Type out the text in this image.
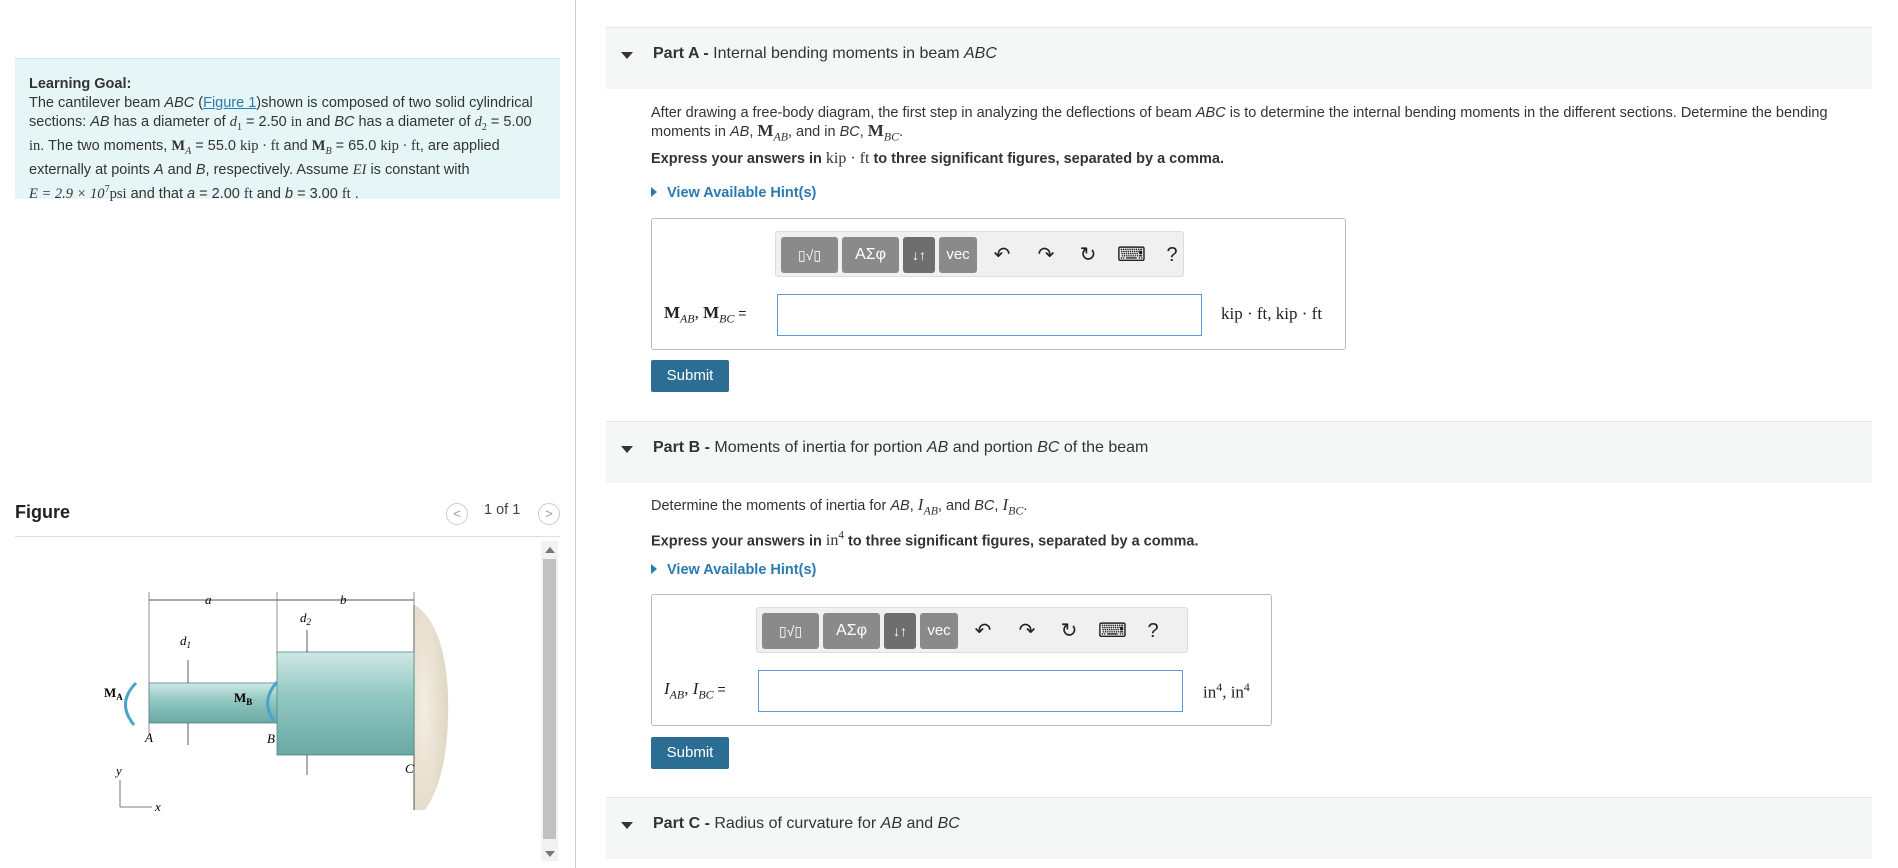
Learning Goal:
The cantilever beam ABC (Figure 1)shown is composed of two solid cylindrical sections: AB has a diameter of $d_1 = 2.50$ in and BC has a diameter of $d_2 = 5.00$ in. The two moments, $M_A = 55.0$ kip · ft and $M_B = 65.0$ kip · ft, are applied externally at points A and B, respectively. Assume EI is constant with
$E = 2.9 \times 10^7psi$ and that a = 2.00 ft and b = 3.00 ft .
Figure	<	1 of 1	>
a	b
$d_1$
$d_2$
$M_A$	$M_B$
A	B
C
y
x
Part A - Internal bending moments in beam ABC
After drawing a free-body diagram, the first step in analyzing the deflections of beam ABC is to determine the internal bending moments in the different sections. Determine the bending
moments in AB, $M_{AB}$, and in BC, $M_{BC}$.
Express your answers in kip · ft to three significant figures, separated by a comma.
View Available Hint(s)
▯√▯	ΑΣφ	↓↑	vec	↶ ↷ ↻ ⌨	?
$M_{AB}$, $M_{BC}$ =	kip · ft, kip · ft
Submit
Part B - Moments of inertia for portion AB and portion BC of the beam
Determine the moments of inertia for AB, $I_{AB}$, and BC, $I_{BC}$.
Express your answers in $in^4$ to three significant figures, separated by a comma.
View Available Hint(s)
▯√▯	ΑΣφ	↓↑	vec	↶ ↷ ↻ ⌨	?
$I_{AB}$, $I_{BC}$ =	$in^4$, $in^4$
Submit
Part C - Radius of curvature for AB and BC
